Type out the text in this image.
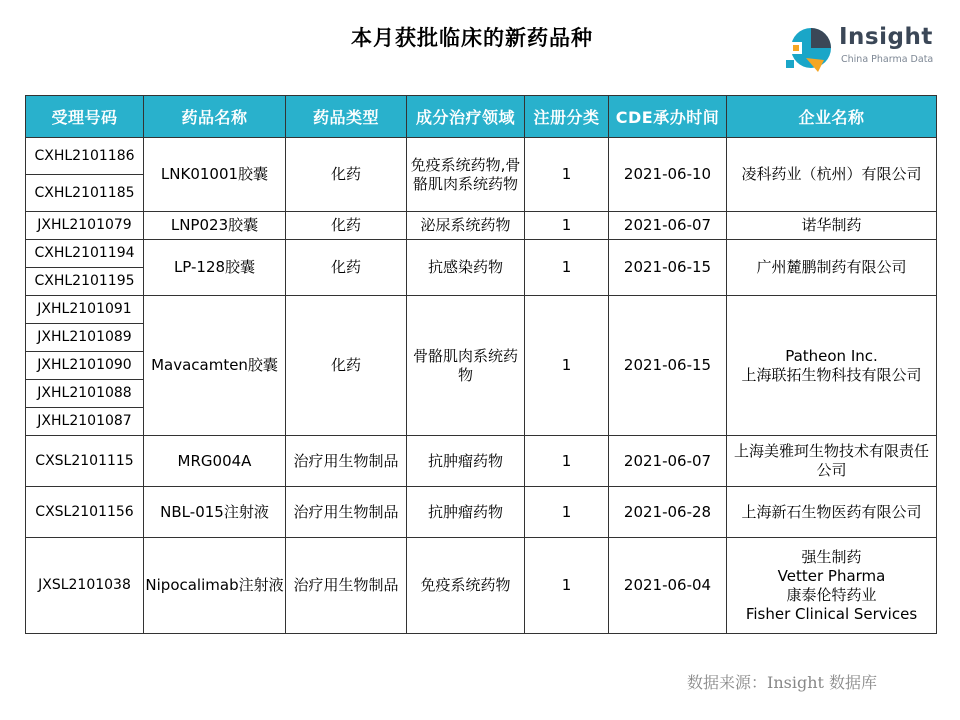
本月获批临床的新药品种	Insight
China Pharma Data
受理号码	药品名称	药品类型	成分治疗领域	注册分类	CDE承办时间	企业名称
CXHL2101186	LNK01001胶囊	化药	免疫系统药物,骨骼肌肉系统药物	1	2021-06-10	凌科药业（杭州）有限公司

CXHL2101185						
JXHL2101079	LNP023胶囊	化药	泌尿系统药物	1	2021-06-07	诺华制药

CXHL2101194	LP-128胶囊	化药	抗感染药物	1	2021-06-15	广州麓鹏制药有限公司

CXHL2101195						
JXHL2101091	Mavacamten胶囊	化药	骨骼肌肉系统药物	1	2021-06-15	Patheon Inc.
上海联拓生物科技有限公司

JXHL2101089						
JXHL2101090						
JXHL2101088						
JXHL2101087						
CXSL2101115	MRG004A	治疗用生物制品	抗肿瘤药物	1	2021-06-07	上海美雅珂生物技术有限责任公司

CXSL2101156	NBL-015注射液	治疗用生物制品	抗肿瘤药物	1	2021-06-28	上海新石生物医药有限公司

JXSL2101038	Nipocalimab注射液	治疗用生物制品	免疫系统药物	1	2021-06-04	强生制药
Vetter Pharma
康泰伦特药业
Fisher Clinical Services
数据来源：Insight 数据库
